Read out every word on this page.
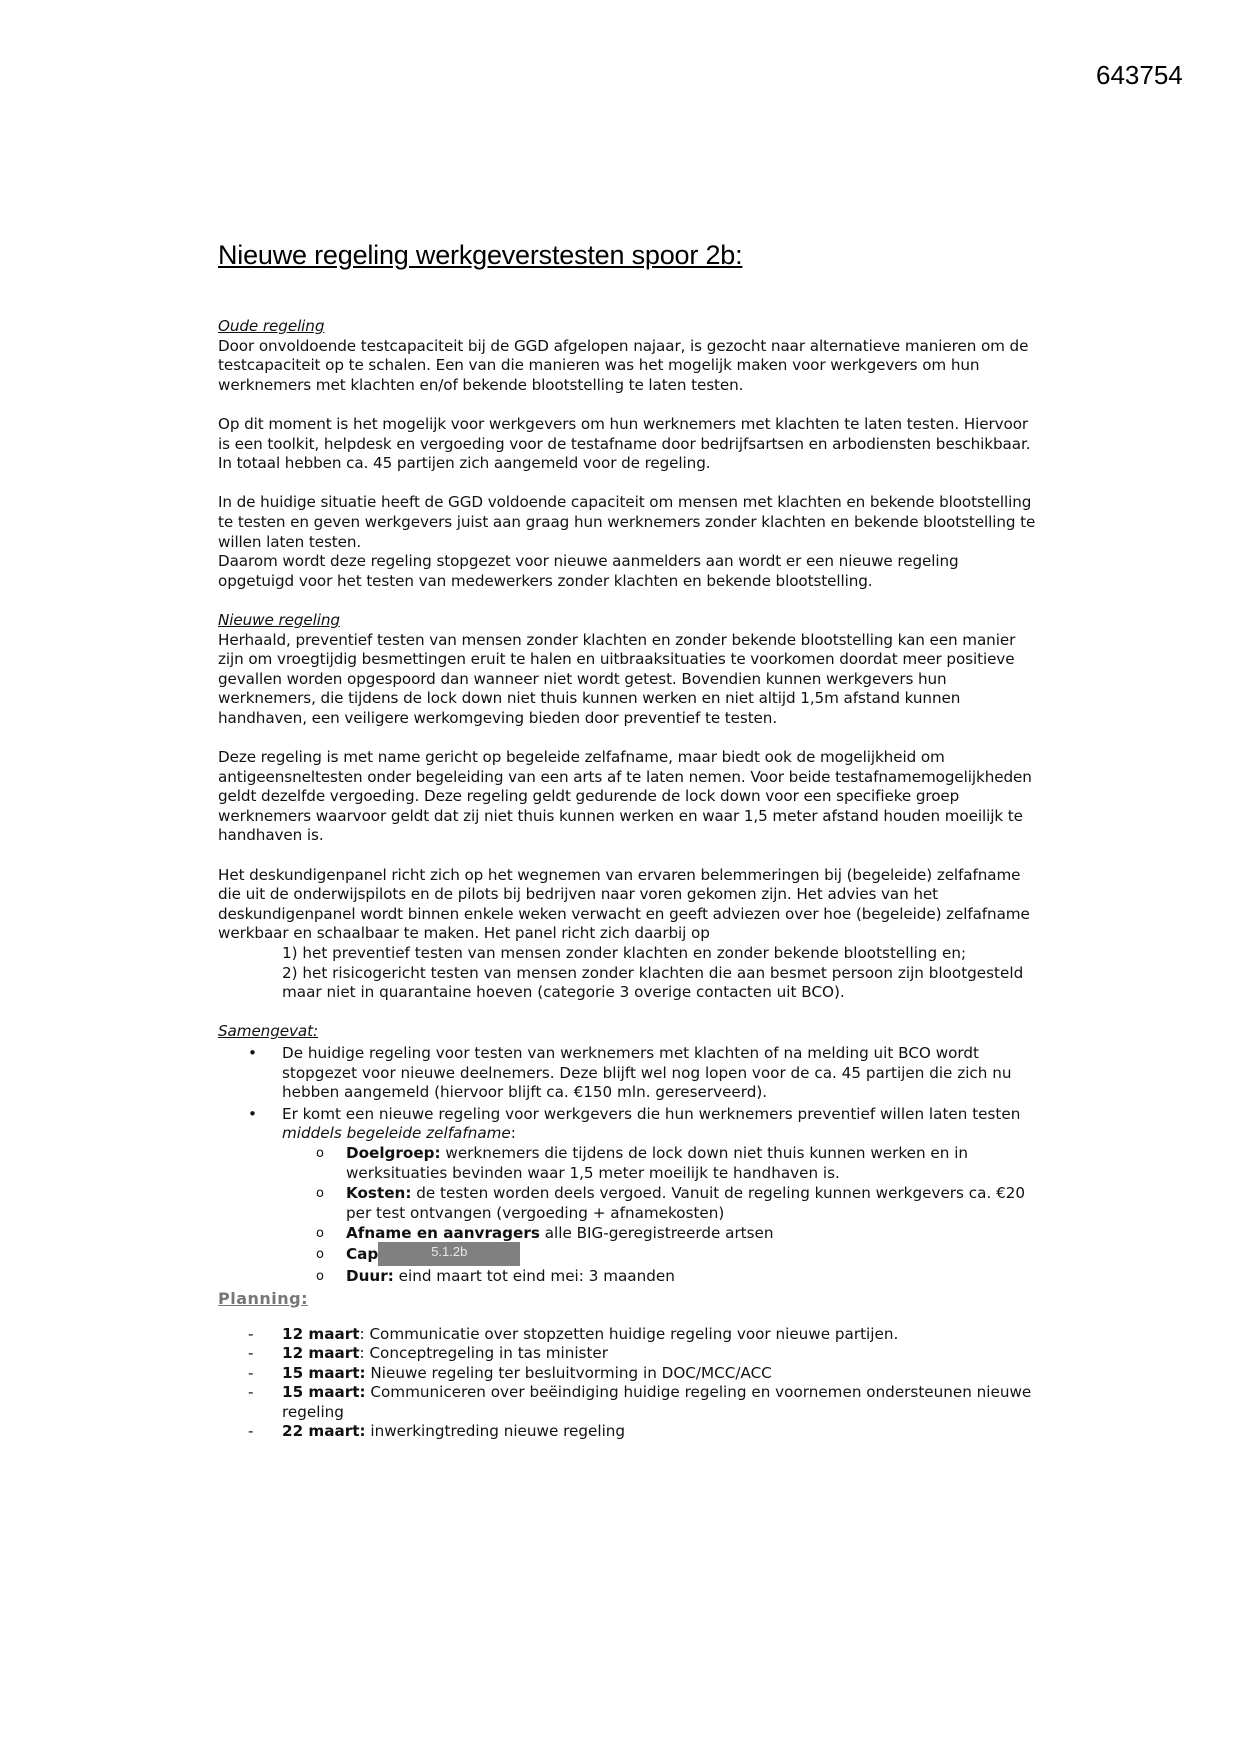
643754
Nieuwe regeling werkgeverstesten spoor 2b:

Oude regeling

Door onvoldoende testcapaciteit bij de GGD afgelopen najaar, is gezocht naar alternatieve manieren om de testcapaciteit op te schalen. Een van die manieren was het mogelijk maken voor werkgevers om hun werknemers met klachten en/of bekende blootstelling te laten testen.

Op dit moment is het mogelijk voor werkgevers om hun werknemers met klachten te laten testen. Hiervoor is een toolkit, helpdesk en vergoeding voor de testafname door bedrijfsartsen en arbodiensten beschikbaar. In totaal hebben ca. 45 partijen zich aangemeld voor de regeling.

In de huidige situatie heeft de GGD voldoende capaciteit om mensen met klachten en bekende blootstelling te testen en geven werkgevers juist aan graag hun werknemers zonder klachten en bekende blootstelling te willen laten testen.

Daarom wordt deze regeling stopgezet voor nieuwe aanmelders aan wordt er een nieuwe regeling opgetuigd voor het testen van medewerkers zonder klachten en bekende blootstelling.

Nieuwe regeling

Herhaald, preventief testen van mensen zonder klachten en zonder bekende blootstelling kan een manier zijn om vroegtijdig besmettingen eruit te halen en uitbraaksituaties te voorkomen doordat meer positieve gevallen worden opgespoord dan wanneer niet wordt getest. Bovendien kunnen werkgevers hun werknemers, die tijdens de lock down niet thuis kunnen werken en niet altijd 1,5m afstand kunnen handhaven, een veiligere werkomgeving bieden door preventief te testen.

Deze regeling is met name gericht op begeleide zelfafname, maar biedt ook de mogelijkheid om antigeensneltesten onder begeleiding van een arts af te laten nemen. Voor beide testafnamemogelijkheden geldt dezelfde vergoeding. Deze regeling geldt gedurende de lock down voor een specifieke groep werknemers waarvoor geldt dat zij niet thuis kunnen werken en waar 1,5 meter afstand houden moeilijk te handhaven is.

Het deskundigenpanel richt zich op het wegnemen van ervaren belemmeringen bij (begeleide) zelfafname die uit de onderwijspilots en de pilots bij bedrijven naar voren gekomen zijn. Het advies van het deskundigenpanel wordt binnen enkele weken verwacht en geeft adviezen over hoe (begeleide) zelfafname werkbaar en schaalbaar te maken. Het panel richt zich daarbij op

1) het preventief testen van mensen zonder klachten en zonder bekende blootstelling en;
2) het risicogericht testen van mensen zonder klachten die aan besmet persoon zijn blootgesteld maar niet in quarantaine hoeven (categorie 3 overige contacten uit BCO).

Samengevat:

• De huidige regeling voor testen van werknemers met klachten of na melding uit BCO wordt stopgezet voor nieuwe deelnemers. Deze blijft wel nog lopen voor de ca. 45 partijen die zich nu hebben aangemeld (hiervoor blijft ca. €150 mln. gereserveerd).
• Er komt een nieuwe regeling voor werkgevers die hun werknemers preventief willen laten testen middels begeleide zelfafname:
o Doelgroep: werknemers die tijdens de lock down niet thuis kunnen werken en in werksituaties bevinden waar 1,5 meter moeilijk te handhaven is.
o Kosten: de testen worden deels vergoed. Vanuit de regeling kunnen werkgevers ca. €20 per test ontvangen (vergoeding + afnamekosten)
o Afname en aanvragers alle BIG-geregistreerde artsen
o Cap	5.1.2b
o Duur: eind maart tot eind mei: 3 maanden
Planning:
- 12 maart: Communicatie over stopzetten huidige regeling voor nieuwe partijen.
- 12 maart: Conceptregeling in tas minister
- 15 maart: Nieuwe regeling ter besluitvorming in DOC/MCC/ACC
- 15 maart: Communiceren over beëindiging huidige regeling en voornemen ondersteunen nieuwe regeling
- 22 maart: inwerkingtreding nieuwe regeling
